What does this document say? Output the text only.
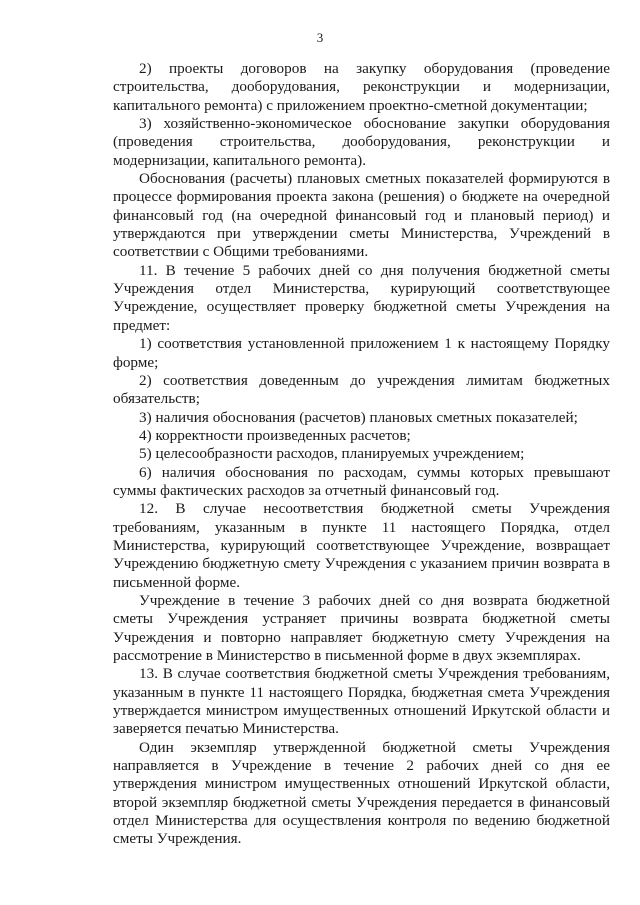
3

2) проекты договоров на закупку оборудования (проведение строительства, дооборудования, реконструкции и модернизации, капитального ремонта) с приложением проектно-сметной документации;

3) хозяйственно-экономическое обоснование закупки оборудования (проведения строительства, дооборудования, реконструкции и модернизации, капитального ремонта).

Обоснования (расчеты) плановых сметных показателей формируются в процессе формирования проекта закона (решения) о бюджете на очередной финансовый год (на очередной финансовый год и плановый период) и утверждаются при утверждении сметы Министерства, Учреждений в соответствии с Общими требованиями.

11. В течение 5 рабочих дней со дня получения бюджетной сметы Учреждения отдел Министерства, курирующий соответствующее Учреждение, осуществляет проверку бюджетной сметы Учреждения на предмет:

1) соответствия установленной приложением 1 к настоящему Порядку форме;

2) соответствия доведенным до учреждения лимитам бюджетных обязательств;

3) наличия обоснования (расчетов) плановых сметных показателей;

4) корректности произведенных расчетов;

5) целесообразности расходов, планируемых учреждением;

6) наличия обоснования по расходам, суммы которых превышают суммы фактических расходов за отчетный финансовый год.

12. В случае несоответствия бюджетной сметы Учреждения требованиям, указанным в пункте 11 настоящего Порядка, отдел Министерства, курирующий соответствующее Учреждение, возвращает Учреждению бюджетную смету Учреждения с указанием причин возврата в письменной форме.

Учреждение в течение 3 рабочих дней со дня возврата бюджетной сметы Учреждения устраняет причины возврата бюджетной сметы Учреждения и повторно направляет бюджетную смету Учреждения на рассмотрение в Министерство в письменной форме в двух экземплярах.

13. В случае соответствия бюджетной сметы Учреждения требованиям, указанным в пункте 11 настоящего Порядка, бюджетная смета Учреждения утверждается министром имущественных отношений Иркутской области и заверяется печатью Министерства.

Один экземпляр утвержденной бюджетной сметы Учреждения направляется в Учреждение в течение 2 рабочих дней со дня ее утверждения министром имущественных отношений Иркутской области, второй экземпляр бюджетной сметы Учреждения передается в финансовый отдел Министерства для осуществления контроля по ведению бюджетной сметы Учреждения.
